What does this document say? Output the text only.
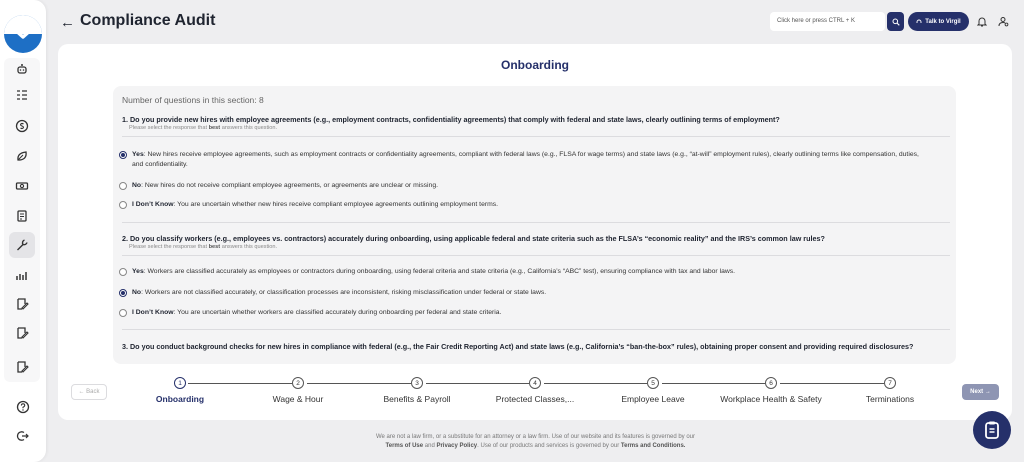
← Compliance Audit	Click here or press CTRL + K	Talk to Virgil
Onboarding
Number of questions in this section: 8
1. Do you provide new hires with employee agreements (e.g., employment contracts, confidentiality agreements) that comply with federal and state laws, clearly outlining terms of employment?
Please select the response that best answers this question.
Yes: New hires receive employee agreements, such as employment contracts or confidentiality agreements, compliant with federal laws (e.g., FLSA for wage terms) and state laws (e.g., “at-will” employment rules), clearly outlining terms like compensation, duties, and confidentiality.
No: New hires do not receive compliant employee agreements, or agreements are unclear or missing.
I Don’t Know: You are uncertain whether new hires receive compliant employee agreements outlining employment terms.
2. Do you classify workers (e.g., employees vs. contractors) accurately during onboarding, using applicable federal and state criteria such as the FLSA’s “economic reality” and the IRS’s common law rules?
Please select the response that best answers this question.
Yes: Workers are classified accurately as employees or contractors during onboarding, using federal criteria and state criteria (e.g., California’s “ABC” test), ensuring compliance with tax and labor laws.
No: Workers are not classified accurately, or classification processes are inconsistent, risking misclassification under federal or state laws.
I Don’t Know: You are uncertain whether workers are classified accurately during onboarding per federal and state criteria.
3. Do you conduct background checks for new hires in compliance with federal (e.g., the Fair Credit Reporting Act) and state laws (e.g., California’s “ban-the-box” rules), obtaining proper consent and providing required disclosures?
← Back	Next →
1	2	3	4	5	6	7
Onboarding	Wage & Hour	Benefits & Payroll	Protected Classes,...	Employee Leave	Workplace Health & Safety	Terminations
We are not a law firm, or a substitute for an attorney or a law firm. Use of our website and its features is governed by our
Terms of Use and Privacy Policy. Use of our products and services is governed by our Terms and Conditions.
